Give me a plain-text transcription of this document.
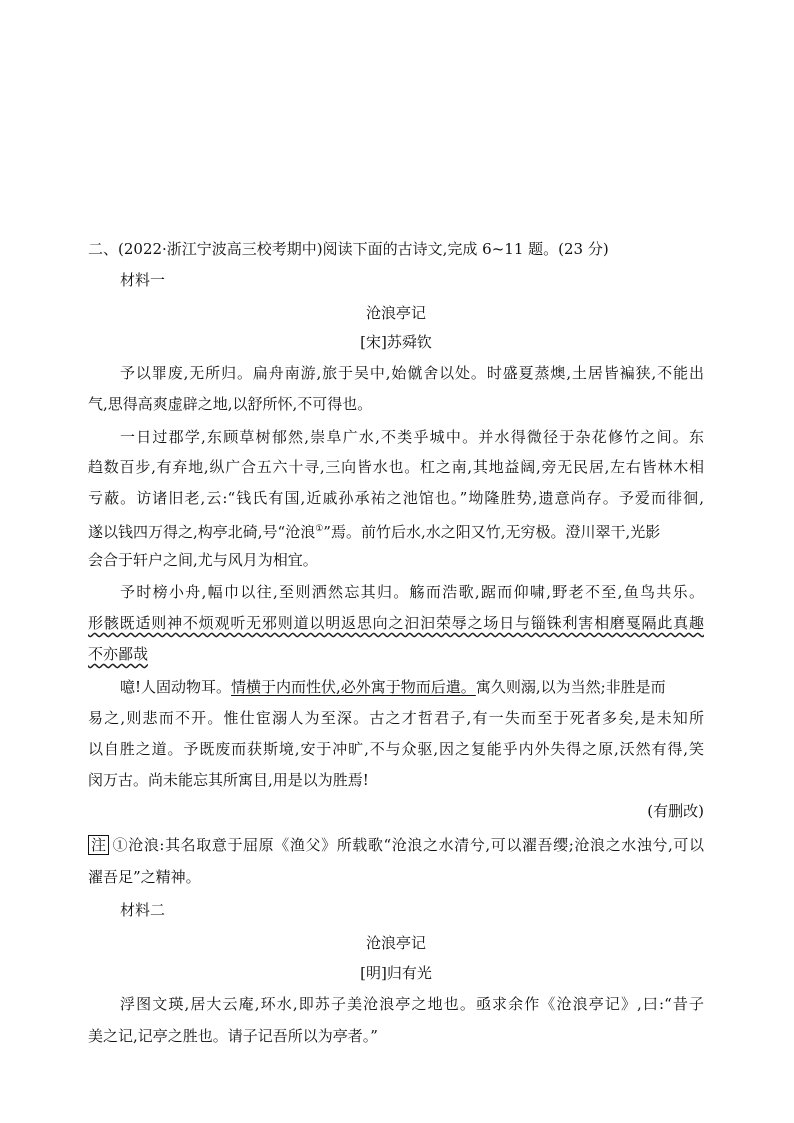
二、(2022·浙江宁波高三校考期中)阅读下面的古诗文,完成 6~11 题。(23 分)
材料一
沧浪亭记
[宋]苏舜钦
予以罪废,无所归。扁舟南游,旅于吴中,始僦舍以处。时盛夏蒸燠,土居皆褊狭,不能出
气,思得高爽虚辟之地,以舒所怀,不可得也。
一日过郡学,东顾草树郁然,崇阜广水,不类乎城中。并水得微径于杂花修竹之间。东
趋数百步,有弃地,纵广合五六十寻,三向皆水也。杠之南,其地益阔,旁无民居,左右皆林木相
亏蔽。访诸旧老,云:“钱氏有国,近戚孙承祐之池馆也。”坳隆胜势,遗意尚存。予爱而徘徊,
遂以钱四万得之,构亭北碕,号“沧浪①”焉。前竹后水,水之阳又竹,无穷极。澄川翠干,光影
会合于轩户之间,尤与风月为相宜。
予时榜小舟,幅巾以往,至则洒然忘其归。觞而浩歌,踞而仰啸,野老不至,鱼鸟共乐。
形骸既适则神不烦观听无邪则道以明返思向之汩汩荣辱之场日与锱铢利害相磨戛隔此真趣
不亦鄙哉
噫!人固动物耳。情横于内而性伏,必外寓于物而后遣。寓久则溺,以为当然;非胜是而
易之,则悲而不开。惟仕宦溺人为至深。古之才哲君子,有一失而至于死者多矣,是未知所
以自胜之道。予既废而获斯境,安于冲旷,不与众驱,因之复能乎内外失得之原,沃然有得,笑
闵万古。尚未能忘其所寓目,用是以为胜焉!
(有删改)
注 ①沧浪:其名取意于屈原《渔父》所载歌“沧浪之水清兮,可以濯吾缨;沧浪之水浊兮,可以
濯吾足”之精神。
材料二
沧浪亭记
[明]归有光
浮图文瑛,居大云庵,环水,即苏子美沧浪亭之地也。亟求余作《沧浪亭记》,曰:“昔子
美之记,记亭之胜也。请子记吾所以为亭者。”
